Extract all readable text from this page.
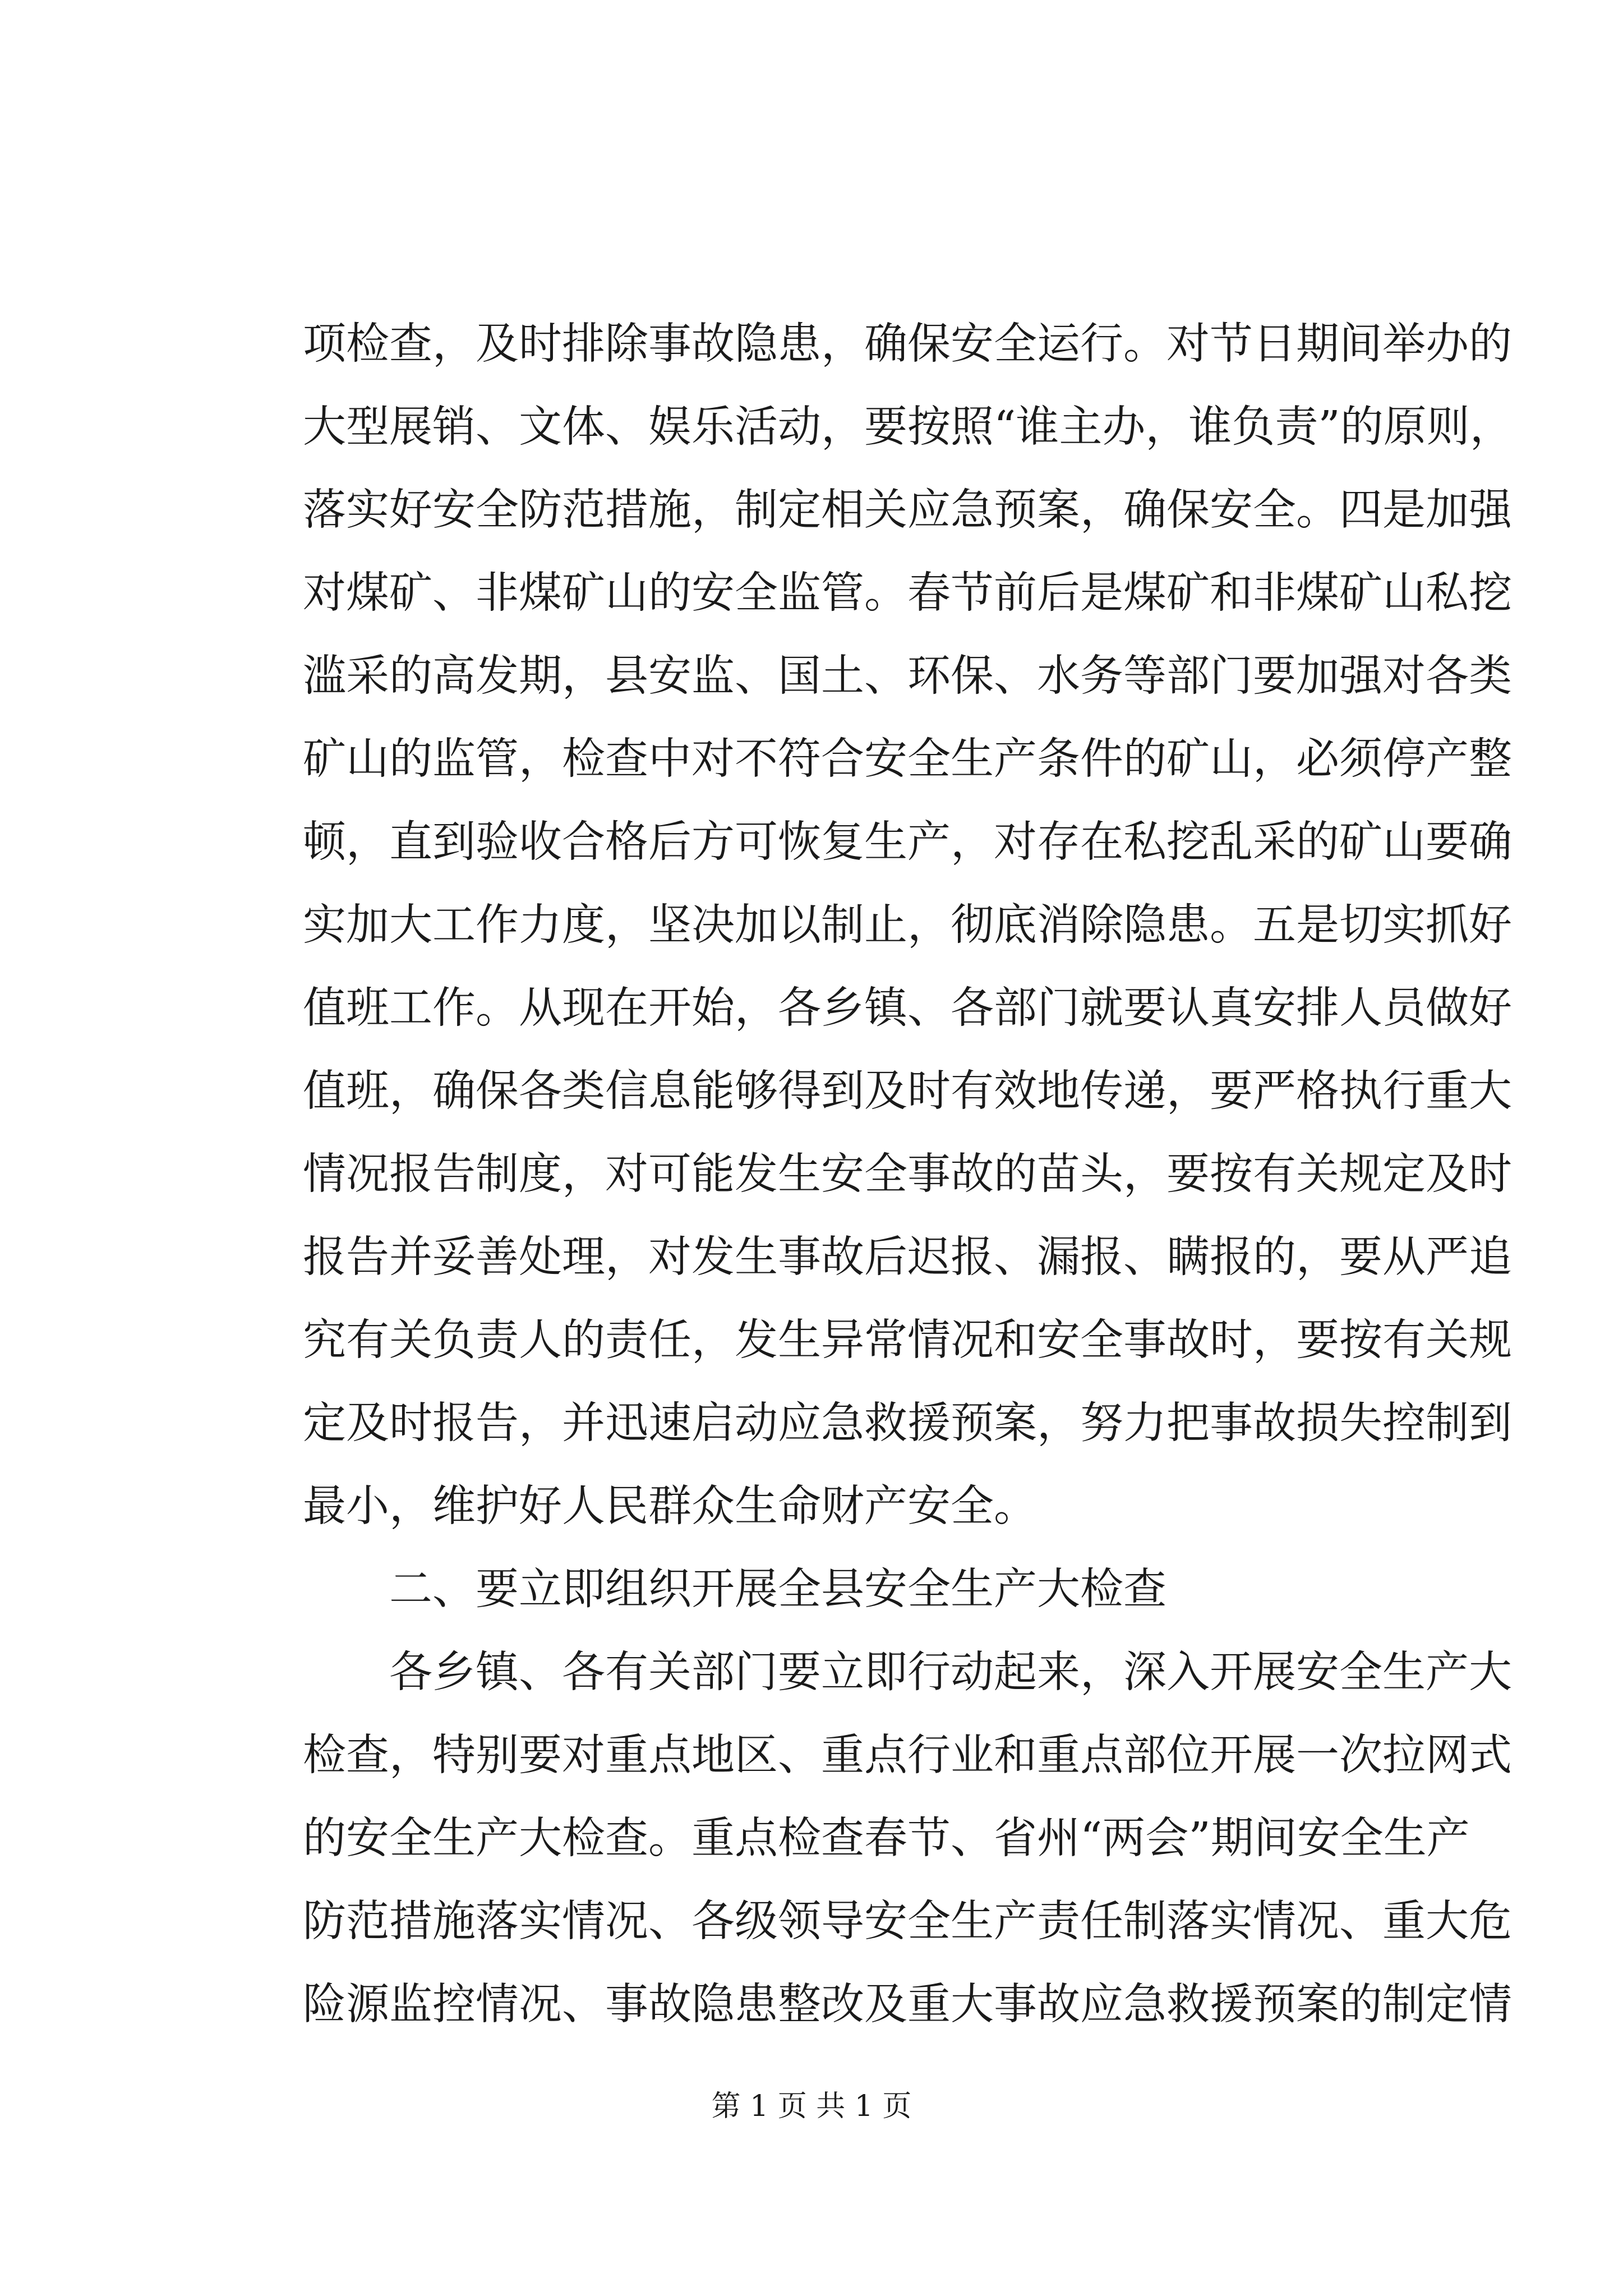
项检查，及时排除事故隐患，确保安全运行。对节日期间举办的
大型展销、文体、娱乐活动，要按照“谁主办，谁负责”的原则，
落实好安全防范措施，制定相关应急预案，确保安全。四是加强
对煤矿、非煤矿山的安全监管。春节前后是煤矿和非煤矿山私挖
滥采的高发期，县安监、国土、环保、水务等部门要加强对各类
矿山的监管，检查中对不符合安全生产条件的矿山，必须停产整
顿，直到验收合格后方可恢复生产，对存在私挖乱采的矿山要确
实加大工作力度，坚决加以制止，彻底消除隐患。五是切实抓好
值班工作。从现在开始，各乡镇、各部门就要认真安排人员做好
值班，确保各类信息能够得到及时有效地传递，要严格执行重大
情况报告制度，对可能发生安全事故的苗头，要按有关规定及时
报告并妥善处理，对发生事故后迟报、漏报、瞒报的，要从严追
究有关负责人的责任，发生异常情况和安全事故时，要按有关规
定及时报告，并迅速启动应急救援预案，努力把事故损失控制到
最小，维护好人民群众生命财产安全。
二、要立即组织开展全县安全生产大检查
各乡镇、各有关部门要立即行动起来，深入开展安全生产大
检查，特别要对重点地区、重点行业和重点部位开展一次拉网式
的安全生产大检查。重点检查春节、省州“两会”期间安全生产
防范措施落实情况、各级领导安全生产责任制落实情况、重大危
险源监控情况、事故隐患整改及重大事故应急救援预案的制定情
第 1 页 共 1 页
